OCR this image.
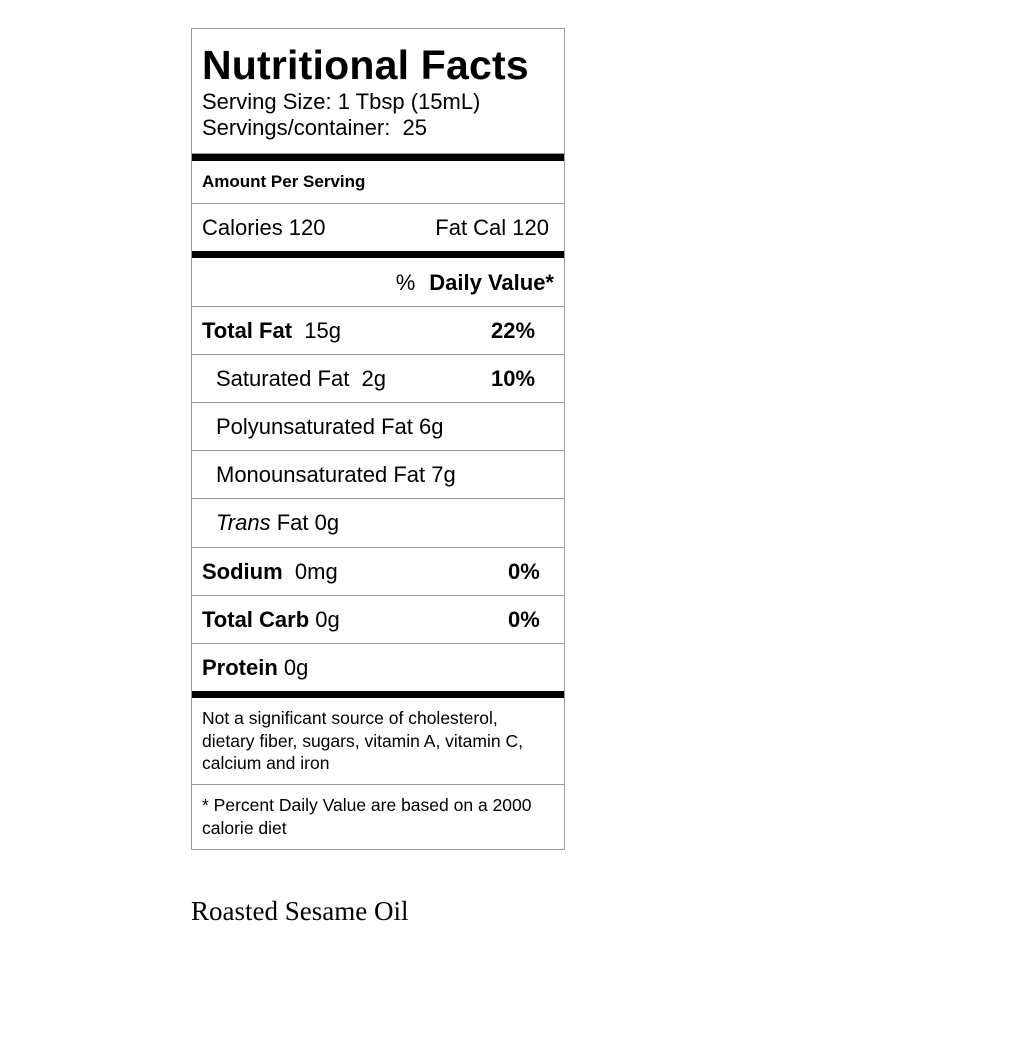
Nutritional Facts
Serving Size: 1 Tbsp (15mL)
Servings/container:  25
Amount Per Serving
Calories 120	Fat Cal 120
% Daily Value*
Total Fat 15g	22%
Saturated Fat 2g	10%
Polyunsaturated Fat 6g
Monounsaturated Fat 7g
Trans Fat 0g
Sodium 0mg	0%
Total Carb 0g	0%
Protein 0g
Not a significant source of cholesterol, dietary fiber, sugars, vitamin A, vitamin C, calcium and iron
* Percent Daily Value are based on a 2000 calorie diet
Roasted Sesame Oil
